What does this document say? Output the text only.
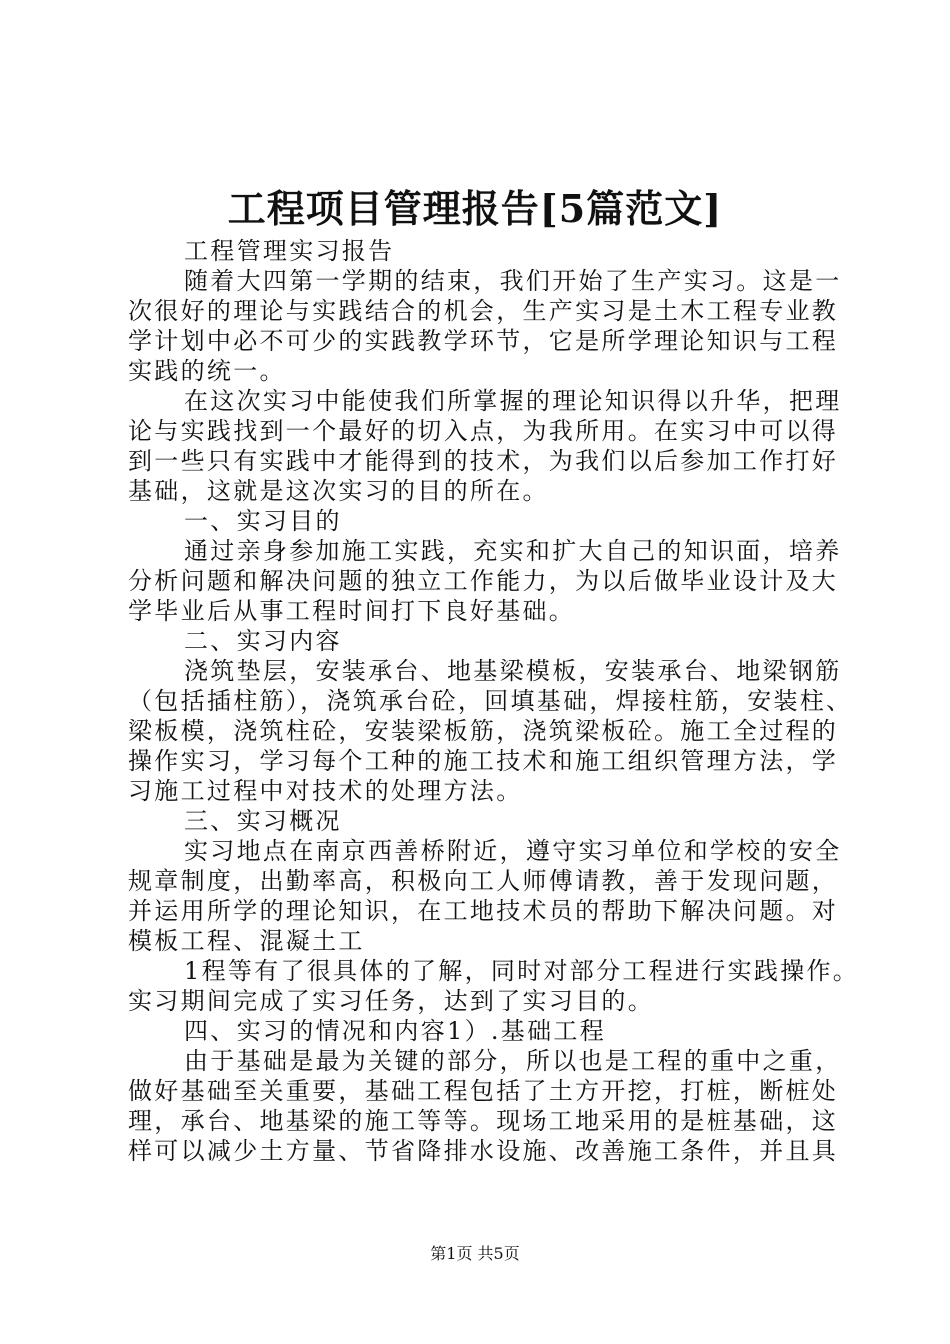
工程项目管理报告[5篇范文]
工程管理实习报告
随着大四第一学期的结束，我们开始了生产实习。这是一
次很好的理论与实践结合的机会，生产实习是土木工程专业教
学计划中必不可少的实践教学环节，它是所学理论知识与工程
实践的统一。
在这次实习中能使我们所掌握的理论知识得以升华，把理
论与实践找到一个最好的切入点，为我所用。在实习中可以得
到一些只有实践中才能得到的技术，为我们以后参加工作打好
基础，这就是这次实习的目的所在。
一、实习目的
通过亲身参加施工实践，充实和扩大自己的知识面，培养
分析问题和解决问题的独立工作能力，为以后做毕业设计及大
学毕业后从事工程时间打下良好基础。
二、实习内容
浇筑垫层，安装承台、地基梁模板，安装承台、地梁钢筋
（包括插柱筋），浇筑承台砼，回填基础，焊接柱筋，安装柱、
梁板模，浇筑柱砼，安装梁板筋，浇筑梁板砼。施工全过程的
操作实习，学习每个工种的施工技术和施工组织管理方法，学
习施工过程中对技术的处理方法。
三、实习概况
实习地点在南京西善桥附近，遵守实习单位和学校的安全
规章制度，出勤率高，积极向工人师傅请教，善于发现问题，
并运用所学的理论知识，在工地技术员的帮助下解决问题。对
模板工程、混凝土工
1程等有了很具体的了解，同时对部分工程进行实践操作。
实习期间完成了实习任务，达到了实习目的。
四、实习的情况和内容1）.基础工程
由于基础是最为关键的部分，所以也是工程的重中之重，
做好基础至关重要，基础工程包括了土方开挖，打桩，断桩处
理，承台、地基梁的施工等等。现场工地采用的是桩基础，这
样可以减少土方量、节省降排水设施、改善施工条件，并且具
第1页 共5页
